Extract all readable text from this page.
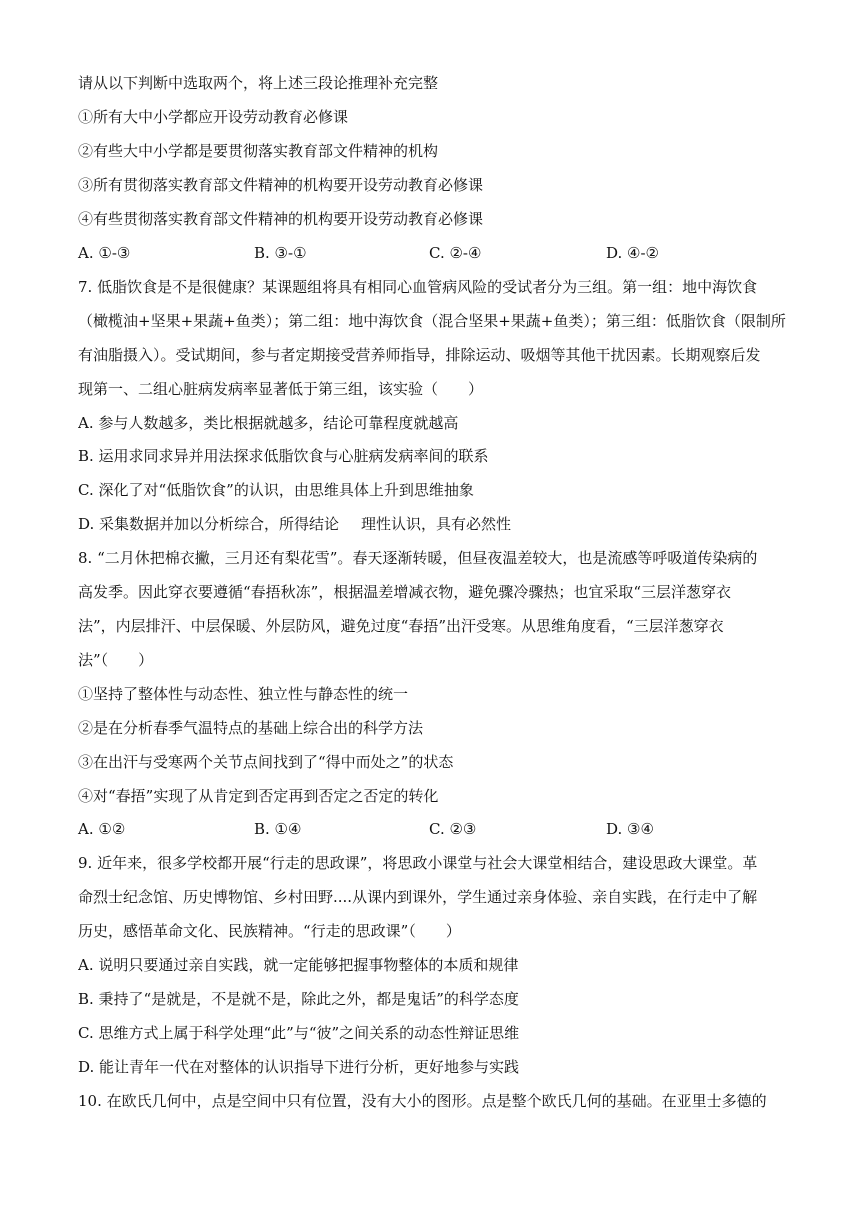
请从以下判断中选取两个，将上述三段论推理补充完整
①所有大中小学都应开设劳动教育必修课
②有些大中小学都是要贯彻落实教育部文件精神的机构
③所有贯彻落实教育部文件精神的机构要开设劳动教育必修课
④有些贯彻落实教育部文件精神的机构要开设劳动教育必修课
A. ①-③	B. ③-①	C. ②-④	D. ④-②
7. 低脂饮食是不是很健康？某课题组将具有相同心血管病风险的受试者分为三组。第一组：地中海饮食
（橄榄油+坚果+果蔬+鱼类）；第二组：地中海饮食（混合坚果+果蔬+鱼类）；第三组：低脂饮食（限制所
有油脂摄入）。受试期间，参与者定期接受营养师指导，排除运动、吸烟等其他干扰因素。长期观察后发
现第一、二组心脏病发病率显著低于第三组，该实验（　　）
A. 参与人数越多，类比根据就越多，结论可靠程度就越高
B. 运用求同求异并用法探求低脂饮食与心脏病发病率间的联系
C. 深化了对“低脂饮食”的认识，由思维具体上升到思维抽象
D. 采集数据并加以分析综合，所得结论 理性认识，具有必然性
8. “二月休把棉衣撇，三月还有梨花雪”。春天逐渐转暖，但昼夜温差较大，也是流感等呼吸道传染病的
高发季。因此穿衣要遵循“春捂秋冻”，根据温差增减衣物，避免骤冷骤热；也宜采取“三层洋葱穿衣
法”，内层排汗、中层保暖、外层防风，避免过度“春捂”出汗受寒。从思维角度看，“三层洋葱穿衣
法”（　　）
①坚持了整体性与动态性、独立性与静态性的统一
②是在分析春季气温特点的基础上综合出的科学方法
③在出汗与受寒两个关节点间找到了“得中而处之”的状态
④对“春捂”实现了从肯定到否定再到否定之否定的转化
A. ①②	B. ①④	C. ②③	D. ③④
9. 近年来，很多学校都开展“行走的思政课”，将思政小课堂与社会大课堂相结合，建设思政大课堂。革
命烈士纪念馆、历史博物馆、乡村田野....从课内到课外，学生通过亲身体验、亲自实践，在行走中了解
历史，感悟革命文化、民族精神。“行走的思政课”（　　）
A. 说明只要通过亲自实践，就一定能够把握事物整体的本质和规律
B. 秉持了“是就是，不是就不是，除此之外，都是鬼话”的科学态度
C. 思维方式上属于科学处理“此”与“彼”之间关系的动态性辩证思维
D. 能让青年一代在对整体的认识指导下进行分析，更好地参与实践
10. 在欧氏几何中，点是空间中只有位置，没有大小的图形。点是整个欧氏几何的基础。在亚里士多德的
